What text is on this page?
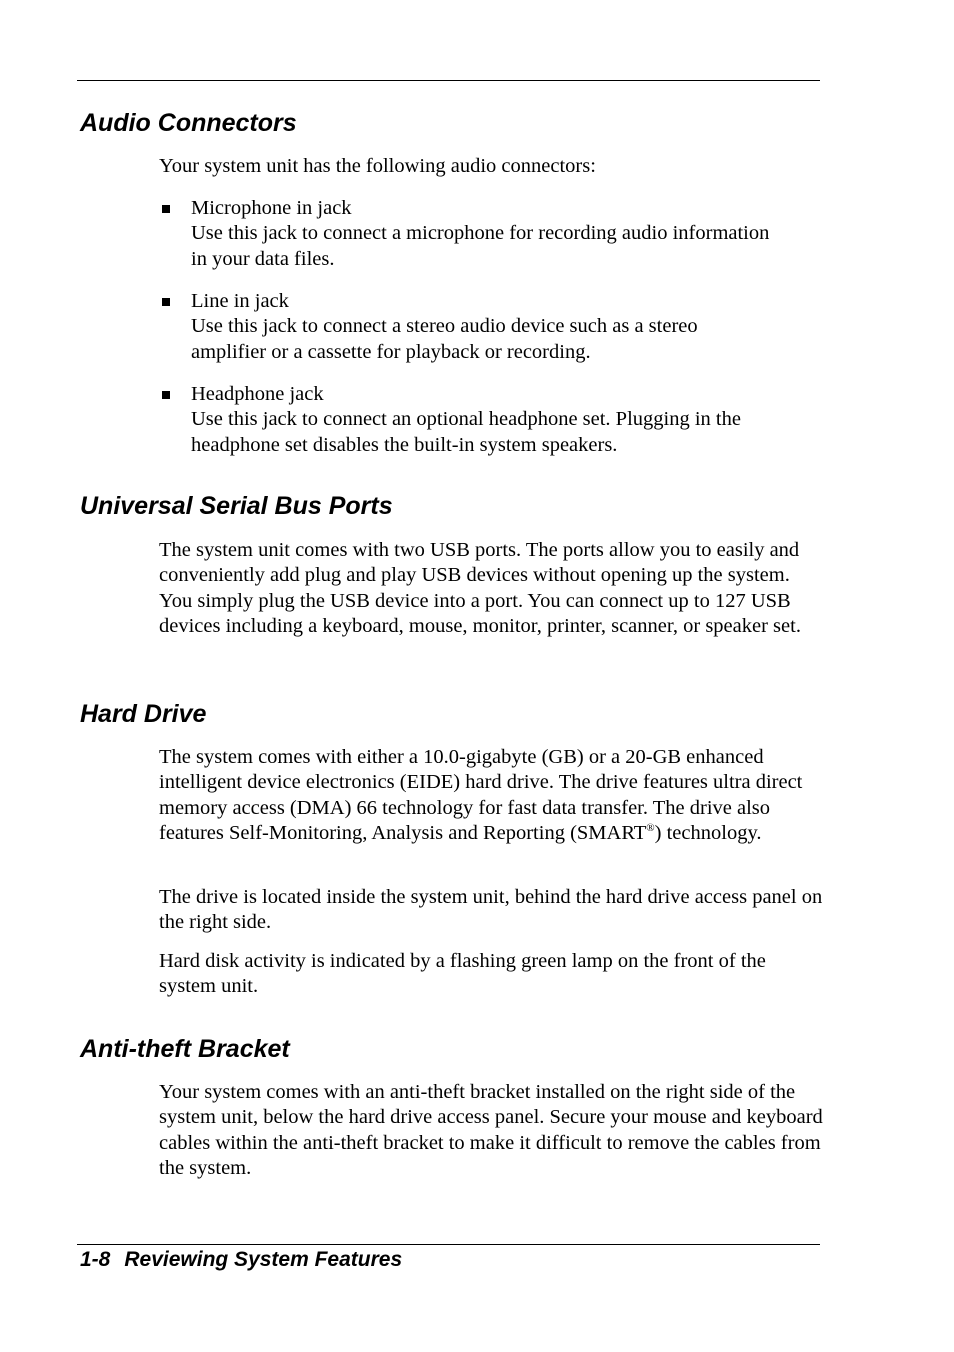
Audio Connectors

Your system unit has the following audio connectors:

Microphone in jack
Use this jack to connect a microphone for recording audio information
in your data files.
Line in jack
Use this jack to connect a stereo audio device such as a stereo
amplifier or a cassette for playback or recording.
Headphone jack
Use this jack to connect an optional headphone set. Plugging in the
headphone set disables the built-in system speakers.
Universal Serial Bus Ports

The system unit comes with two USB ports. The ports allow you to easily and conveniently add plug and play USB devices without opening up the system. You simply plug the USB device into a port. You can connect up to 127 USB devices including a keyboard, mouse, monitor, printer, scanner, or speaker set.

Hard Drive

The system comes with either a 10.0-gigabyte (GB) or a 20-GB enhanced intelligent device electronics (EIDE) hard drive. The drive features ultra direct memory access (DMA) 66 technology for fast data transfer. The drive also features Self-Monitoring, Analysis and Reporting (SMART®) technology.

The drive is located inside the system unit, behind the hard drive access panel on the right side.

Hard disk activity is indicated by a flashing green lamp on the front of the system unit.

Anti-theft Bracket

Your system comes with an anti-theft bracket installed on the right side of the system unit, below the hard drive access panel. Secure your mouse and keyboard cables within the anti-theft bracket to make it difficult to remove the cables from the system.

1-8 Reviewing System Features
